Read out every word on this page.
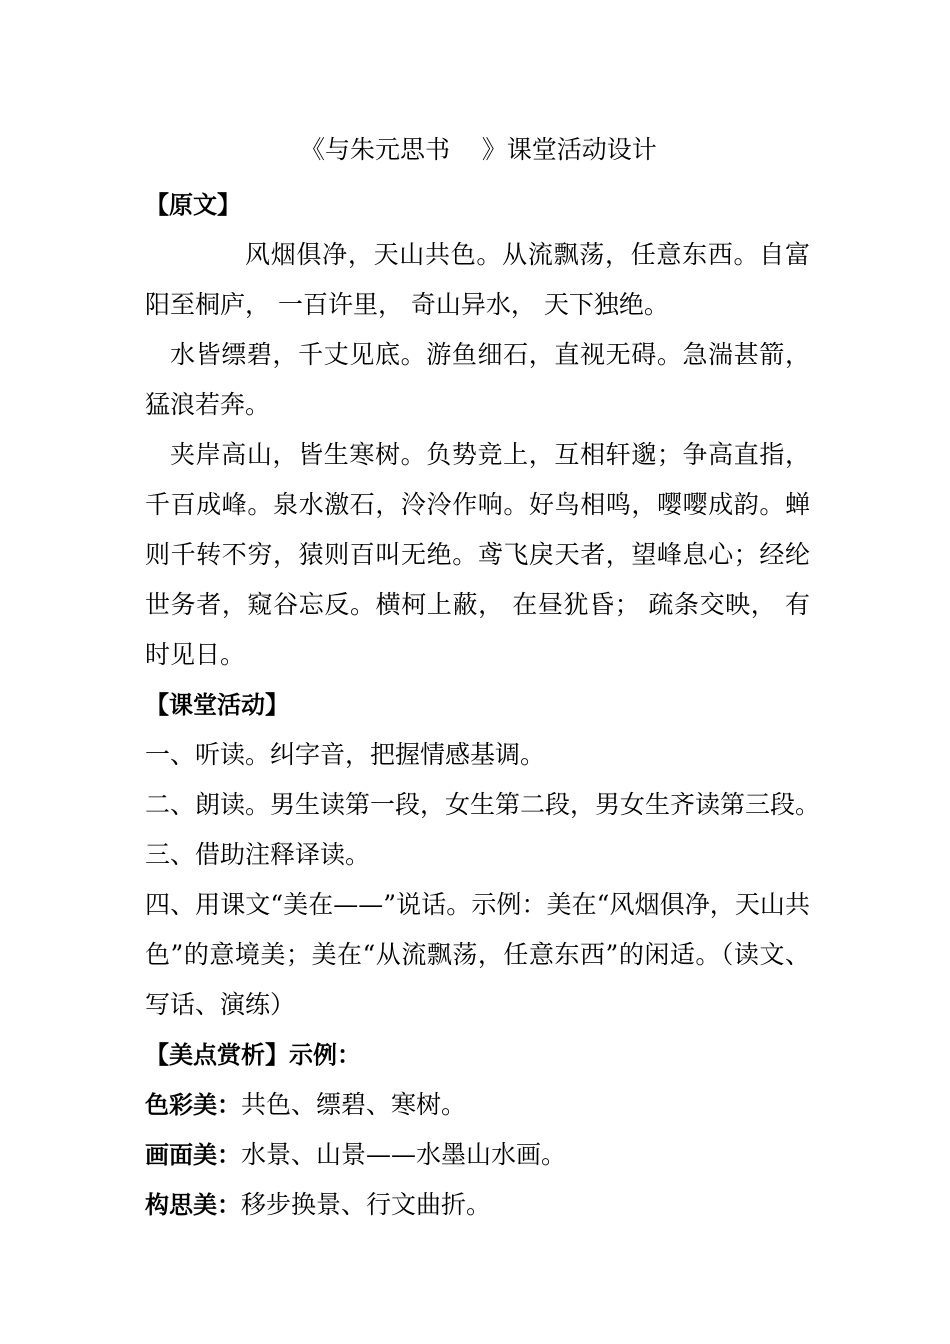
《与朱元思书    》课堂活动设计
【原文】

风烟俱净，天山共色。从流飘荡，任意东西。自富阳至桐庐， 一百许里， 奇山异水， 天下独绝。

水皆缥碧，千丈见底。游鱼细石，直视无碍。急湍甚箭，猛浪若奔。

夹岸高山，皆生寒树。负势竞上，互相轩邈；争高直指，千百成峰。泉水激石，泠泠作响。好鸟相鸣，嘤嘤成韵。蝉则千转不穷，猿则百叫无绝。鸢飞戾天者，望峰息心；经纶世务者，窥谷忘反。横柯上蔽， 在昼犹昏； 疏条交映， 有时见日。

【课堂活动】

一、听读。纠字音，把握情感基调。

二、朗读。男生读第一段，女生第二段，男女生齐读第三段。

三、借助注释译读。

四、用课文“美在——”说话。示例：美在“风烟俱净，天山共色”的意境美；美在“从流飘荡，任意东西”的闲适。（读文、写话、演练）

【美点赏析】示例：

色彩美：共色、缥碧、寒树。

画面美：水景、山景——水墨山水画。

构思美：移步换景、行文曲折。
